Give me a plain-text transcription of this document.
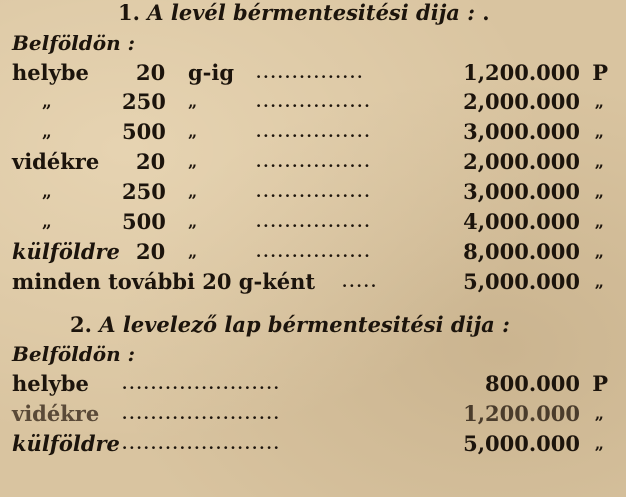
1. A levél bérmentesitési dija : .
Belföldön :
helybe 20 g-ig ...............	1,200.000 P
„	250 „	................	2,000.000 „
„	500 „	................	3,000.000 „
vidékre 20 „	................	2,000.000 „
„	250 „	................	3,000.000 „
„	500 „	................	4,000.000 „
külföldre 20 „	................	8,000.000 „
minden további 20 g-ként .....	5,000.000 „
2. A levelező lap bérmentesitési dija :
Belföldön :
helybe ......................	800.000 P
vidékre ......................	1,200.000 „
külföldre ......................	5,000.000 „
